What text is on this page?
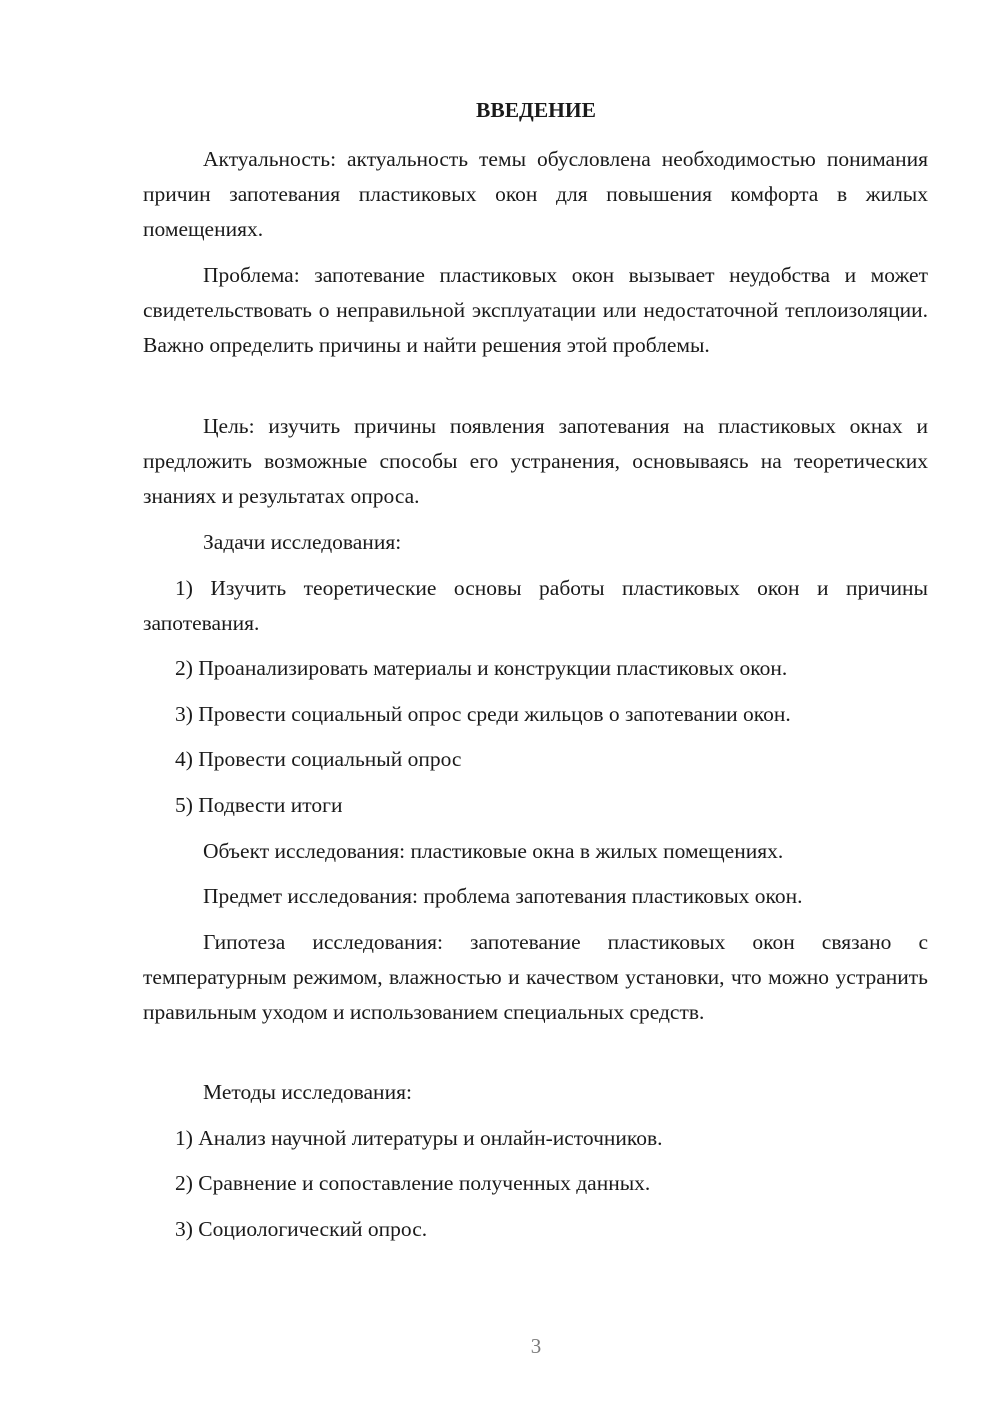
ВВЕДЕНИЕ

Актуальность: актуальность темы обусловлена необходимостью понимания причин запотевания пластиковых окон для повышения комфорта в жилых помещениях.

Проблема: запотевание пластиковых окон вызывает неудобства и может свидетельствовать о неправильной эксплуатации или недостаточной теплоизоляции. Важно определить причины и найти решения этой проблемы.

Цель: изучить причины появления запотевания на пластиковых окнах и предложить возможные способы его устранения, основываясь на теоретических знаниях и результатах опроса.

Задачи исследования:

1) Изучить теоретические основы работы пластиковых окон и причины запотевания.

2) Проанализировать материалы и конструкции пластиковых окон.

3) Провести социальный опрос среди жильцов о запотевании окон.

4) Провести социальный опрос

5) Подвести итоги

Объект исследования: пластиковые окна в жилых помещениях.

Предмет исследования: проблема запотевания пластиковых окон.

Гипотеза исследования: запотевание пластиковых окон связано с температурным режимом, влажностью и качеством установки, что можно устранить правильным уходом и использованием специальных средств.

Методы исследования:

1) Анализ научной литературы и онлайн-источников.

2) Сравнение и сопоставление полученных данных.

3) Социологический опрос.

3
